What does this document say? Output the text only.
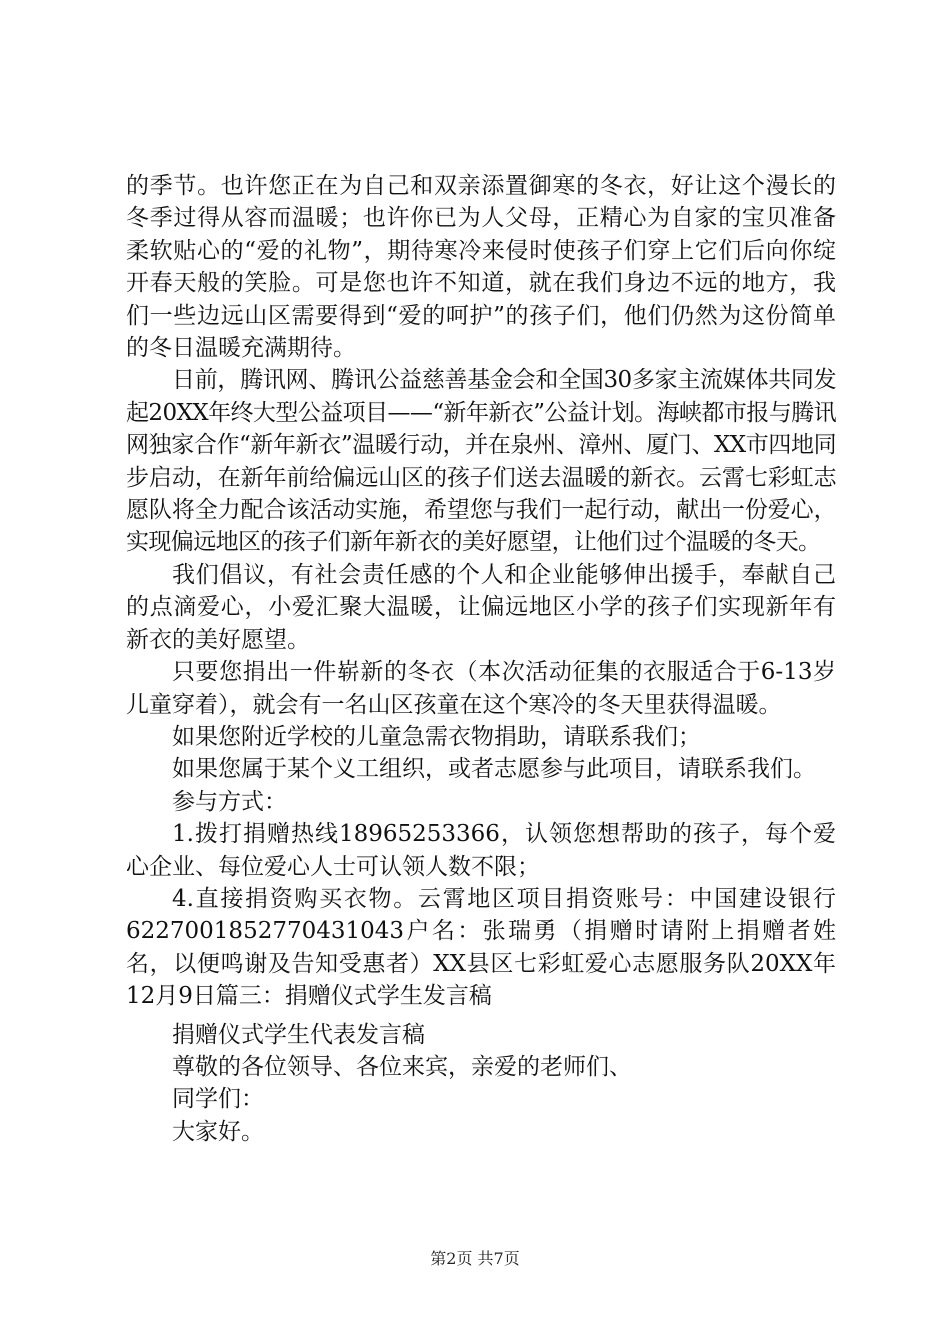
的季节。也许您正在为自己和双亲添置御寒的冬衣，好让这个漫长的冬季过得从容而温暖；也许你已为人父母，正精心为自家的宝贝准备柔软贴心的“爱的礼物”，期待寒冷来侵时使孩子们穿上它们后向你绽开春天般的笑脸。可是您也许不知道，就在我们身边不远的地方，我们一些边远山区需要得到“爱的呵护”的孩子们，他们仍然为这份简单的冬日温暖充满期待。

日前，腾讯网、腾讯公益慈善基金会和全国30多家主流媒体共同发起20XX年终大型公益项目——“新年新衣”公益计划。海峡都市报与腾讯网独家合作“新年新衣”温暖行动，并在泉州、漳州、厦门、XX市四地同步启动，在新年前给偏远山区的孩子们送去温暖的新衣。云霄七彩虹志愿队将全力配合该活动实施，希望您与我们一起行动，献出一份爱心，实现偏远地区的孩子们新年新衣的美好愿望，让他们过个温暖的冬天。

我们倡议，有社会责任感的个人和企业能够伸出援手，奉献自己的点滴爱心，小爱汇聚大温暖，让偏远地区小学的孩子们实现新年有新衣的美好愿望。

只要您捐出一件崭新的冬衣（本次活动征集的衣服适合于6-13岁儿童穿着），就会有一名山区孩童在这个寒冷的冬天里获得温暖。

如果您附近学校的儿童急需衣物捐助，请联系我们；

如果您属于某个义工组织，或者志愿参与此项目，请联系我们。

参与方式：

1.拨打捐赠热线18965253366，认领您想帮助的孩子，每个爱心企业、每位爱心人士可认领人数不限；

4.直接捐资购买衣物。云霄地区项目捐资账号：中国建设银行6227001852770431043户名：张瑞勇（捐赠时请附上捐赠者姓名，以便鸣谢及告知受惠者）XX县区七彩虹爱心志愿服务队20XX年12月9日篇三：捐赠仪式学生发言稿

捐赠仪式学生代表发言稿

尊敬的各位领导、各位来宾，亲爱的老师们、

同学们：

大家好。

第2页 共7页
